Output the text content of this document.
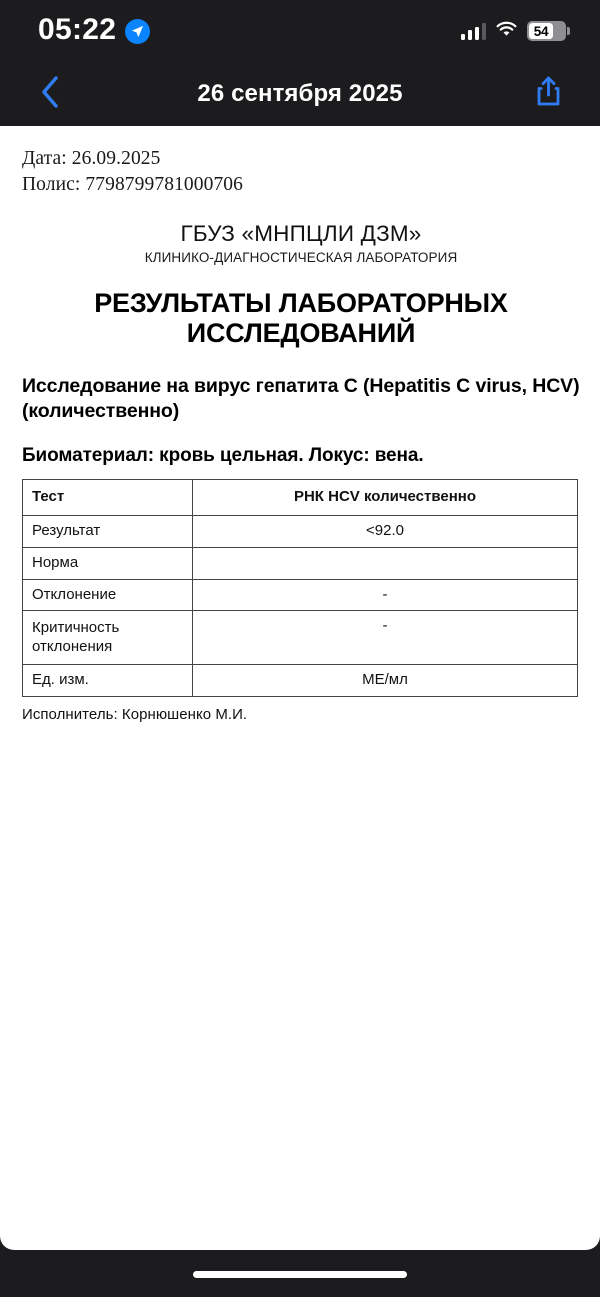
05:22	54
26 сентября 2025
Дата: 26.09.2025
Полис: 7798799781000706
ГБУЗ «МНПЦЛИ ДЗМ»
КЛИНИКО-ДИАГНОСТИЧЕСКАЯ ЛАБОРАТОРИЯ
РЕЗУЛЬТАТЫ ЛАБОРАТОРНЫХ ИССЛЕДОВАНИЙ
Исследование на вирус гепатита C (Hepatitis C virus, HCV) (количественно)
Биоматериал: кровь цельная. Локус: вена.
Тест	РНК HCV количественно
Результат	<92.0
Норма	
Отклонение	-
Критичность отклонения	-
Ед. изм.	МЕ/мл
Исполнитель: Корнюшенко М.И.
